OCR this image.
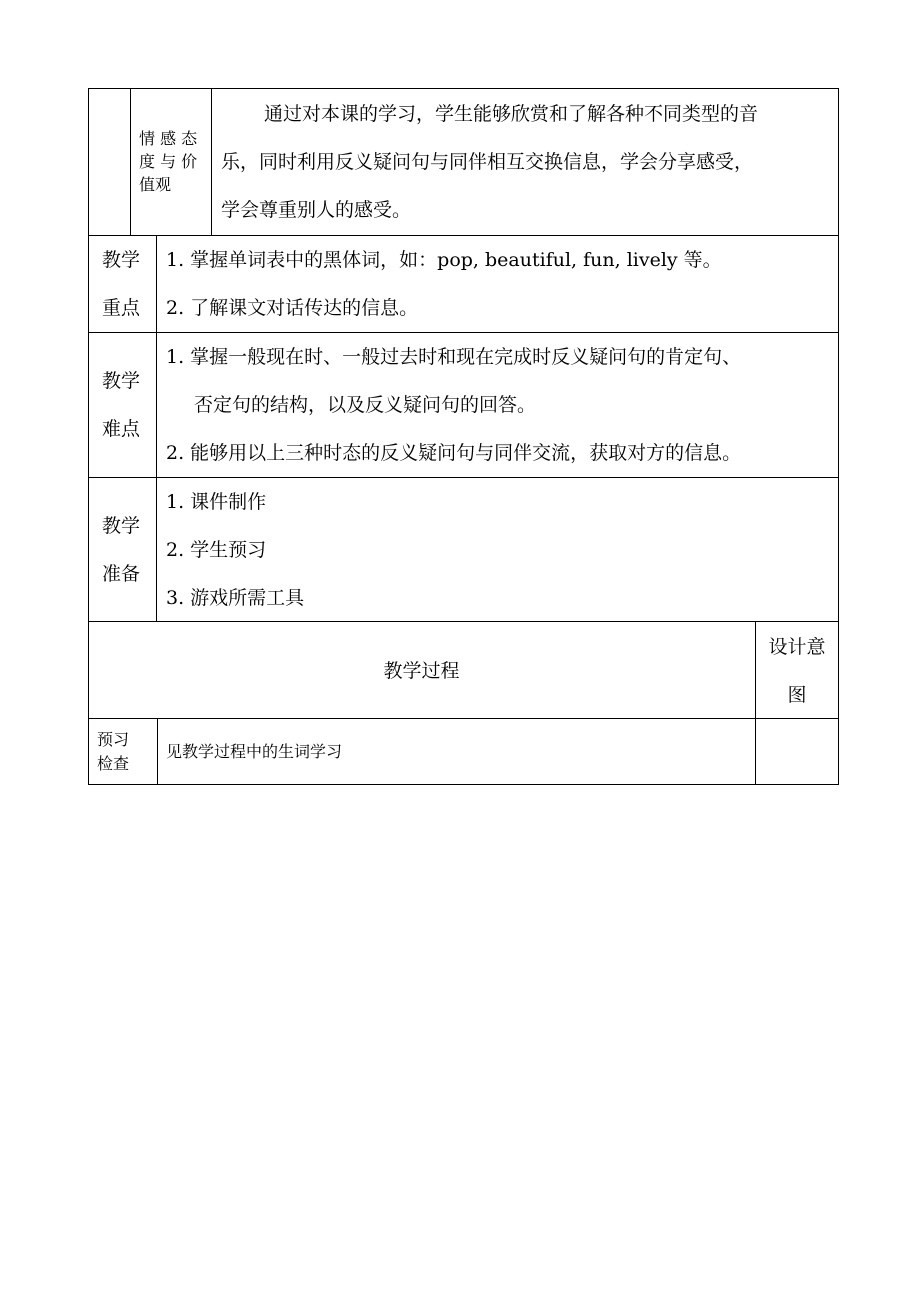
情 感 态
度 与 价
值观
通过对本课的学习，学生能够欣赏和了解各种不同类型的音
乐，同时利用反义疑问句与同伴相互交换信息，学会分享感受，
学会尊重别人的感受。
教学
重点
1. 掌握单词表中的黑体词，如：pop, beautiful, fun, lively 等。
2. 了解课文对话传达的信息。
教学
难点
1. 掌握一般现在时、一般过去时和现在完成时反义疑问句的肯定句、
否定句的结构，以及反义疑问句的回答。
2. 能够用以上三种时态的反义疑问句与同伴交流，获取对方的信息。
教学
准备
1. 课件制作
2. 学生预习
3. 游戏所需工具
教学过程
设计意
图
预习
检查
见教学过程中的生词学习
